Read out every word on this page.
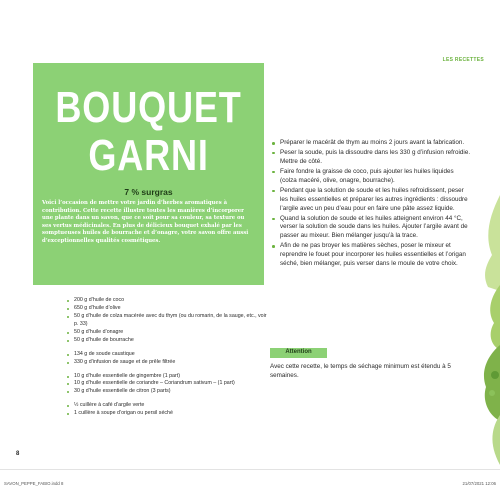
LES RECETTES
BOUQUET
GARNI
7 % surgras

Voici l’occasion de mettre votre jardin d’herbes aromatiques à contribution. Cette recette illustre toutes les manières d’incorporer une plante dans un savon, que ce soit pour sa couleur, sa texture ou ses vertus médicinales. En plus de délicieux bouquet exhalé par les somptueuses huiles de bourrache et d’onagre, votre savon offre aussi d’exceptionnelles qualités cosmétiques.

200 g d’huile de coco
650 g d’huile d’olive
50 g d’huile de colza macérée avec du thym (ou du romarin, de la sauge, etc., voir p. 33)
50 g d’huile d’onagre
50 g d’huile de bourrache
134 g de soude caustique
330 g d’infusion de sauge et de prêle filtrée
10 g d’huile essentielle de gingembre (1 part)
10 g d’huile essentielle de coriandre – Coriandrum sativum – (1 part)
30 g d’huile essentielle de citron (3 parts)
½ cuillère à café d’argile verte
1 cuillère à soupe d’origan ou persil séché
Préparer le macérât de thym au moins 2 jours avant la fabrication.
Peser la soude, puis la dissoudre dans les 330 g d’infusion refroidie. Mettre de côté.
Faire fondre la graisse de coco, puis ajouter les huiles liquides (colza macéré, olive, onagre, bourrache).
Pendant que la solution de soude et les huiles refroidissent, peser les huiles essentielles et préparer les autres ingrédients : dissoudre l’argile avec un peu d’eau pour en faire une pâte assez liquide.
Quand la solution de soude et les huiles atteignent environ 44 °C, verser la solution de soude dans les huiles. Ajouter l’argile avant de passer au mixeur. Bien mélanger jusqu’à la trace.
Afin de ne pas broyer les matières sèches, poser le mixeur et reprendre le fouet pour incorporer les huiles essentielles et l’origan séché, bien mélanger, puis verser dans le moule de votre choix.
Attention

Avec cette recette, le temps de séchage minimum est étendu à 5 semaines.

8
SAVON_PEPPE_FABIO.indd 8	21/07/2021 12:06
